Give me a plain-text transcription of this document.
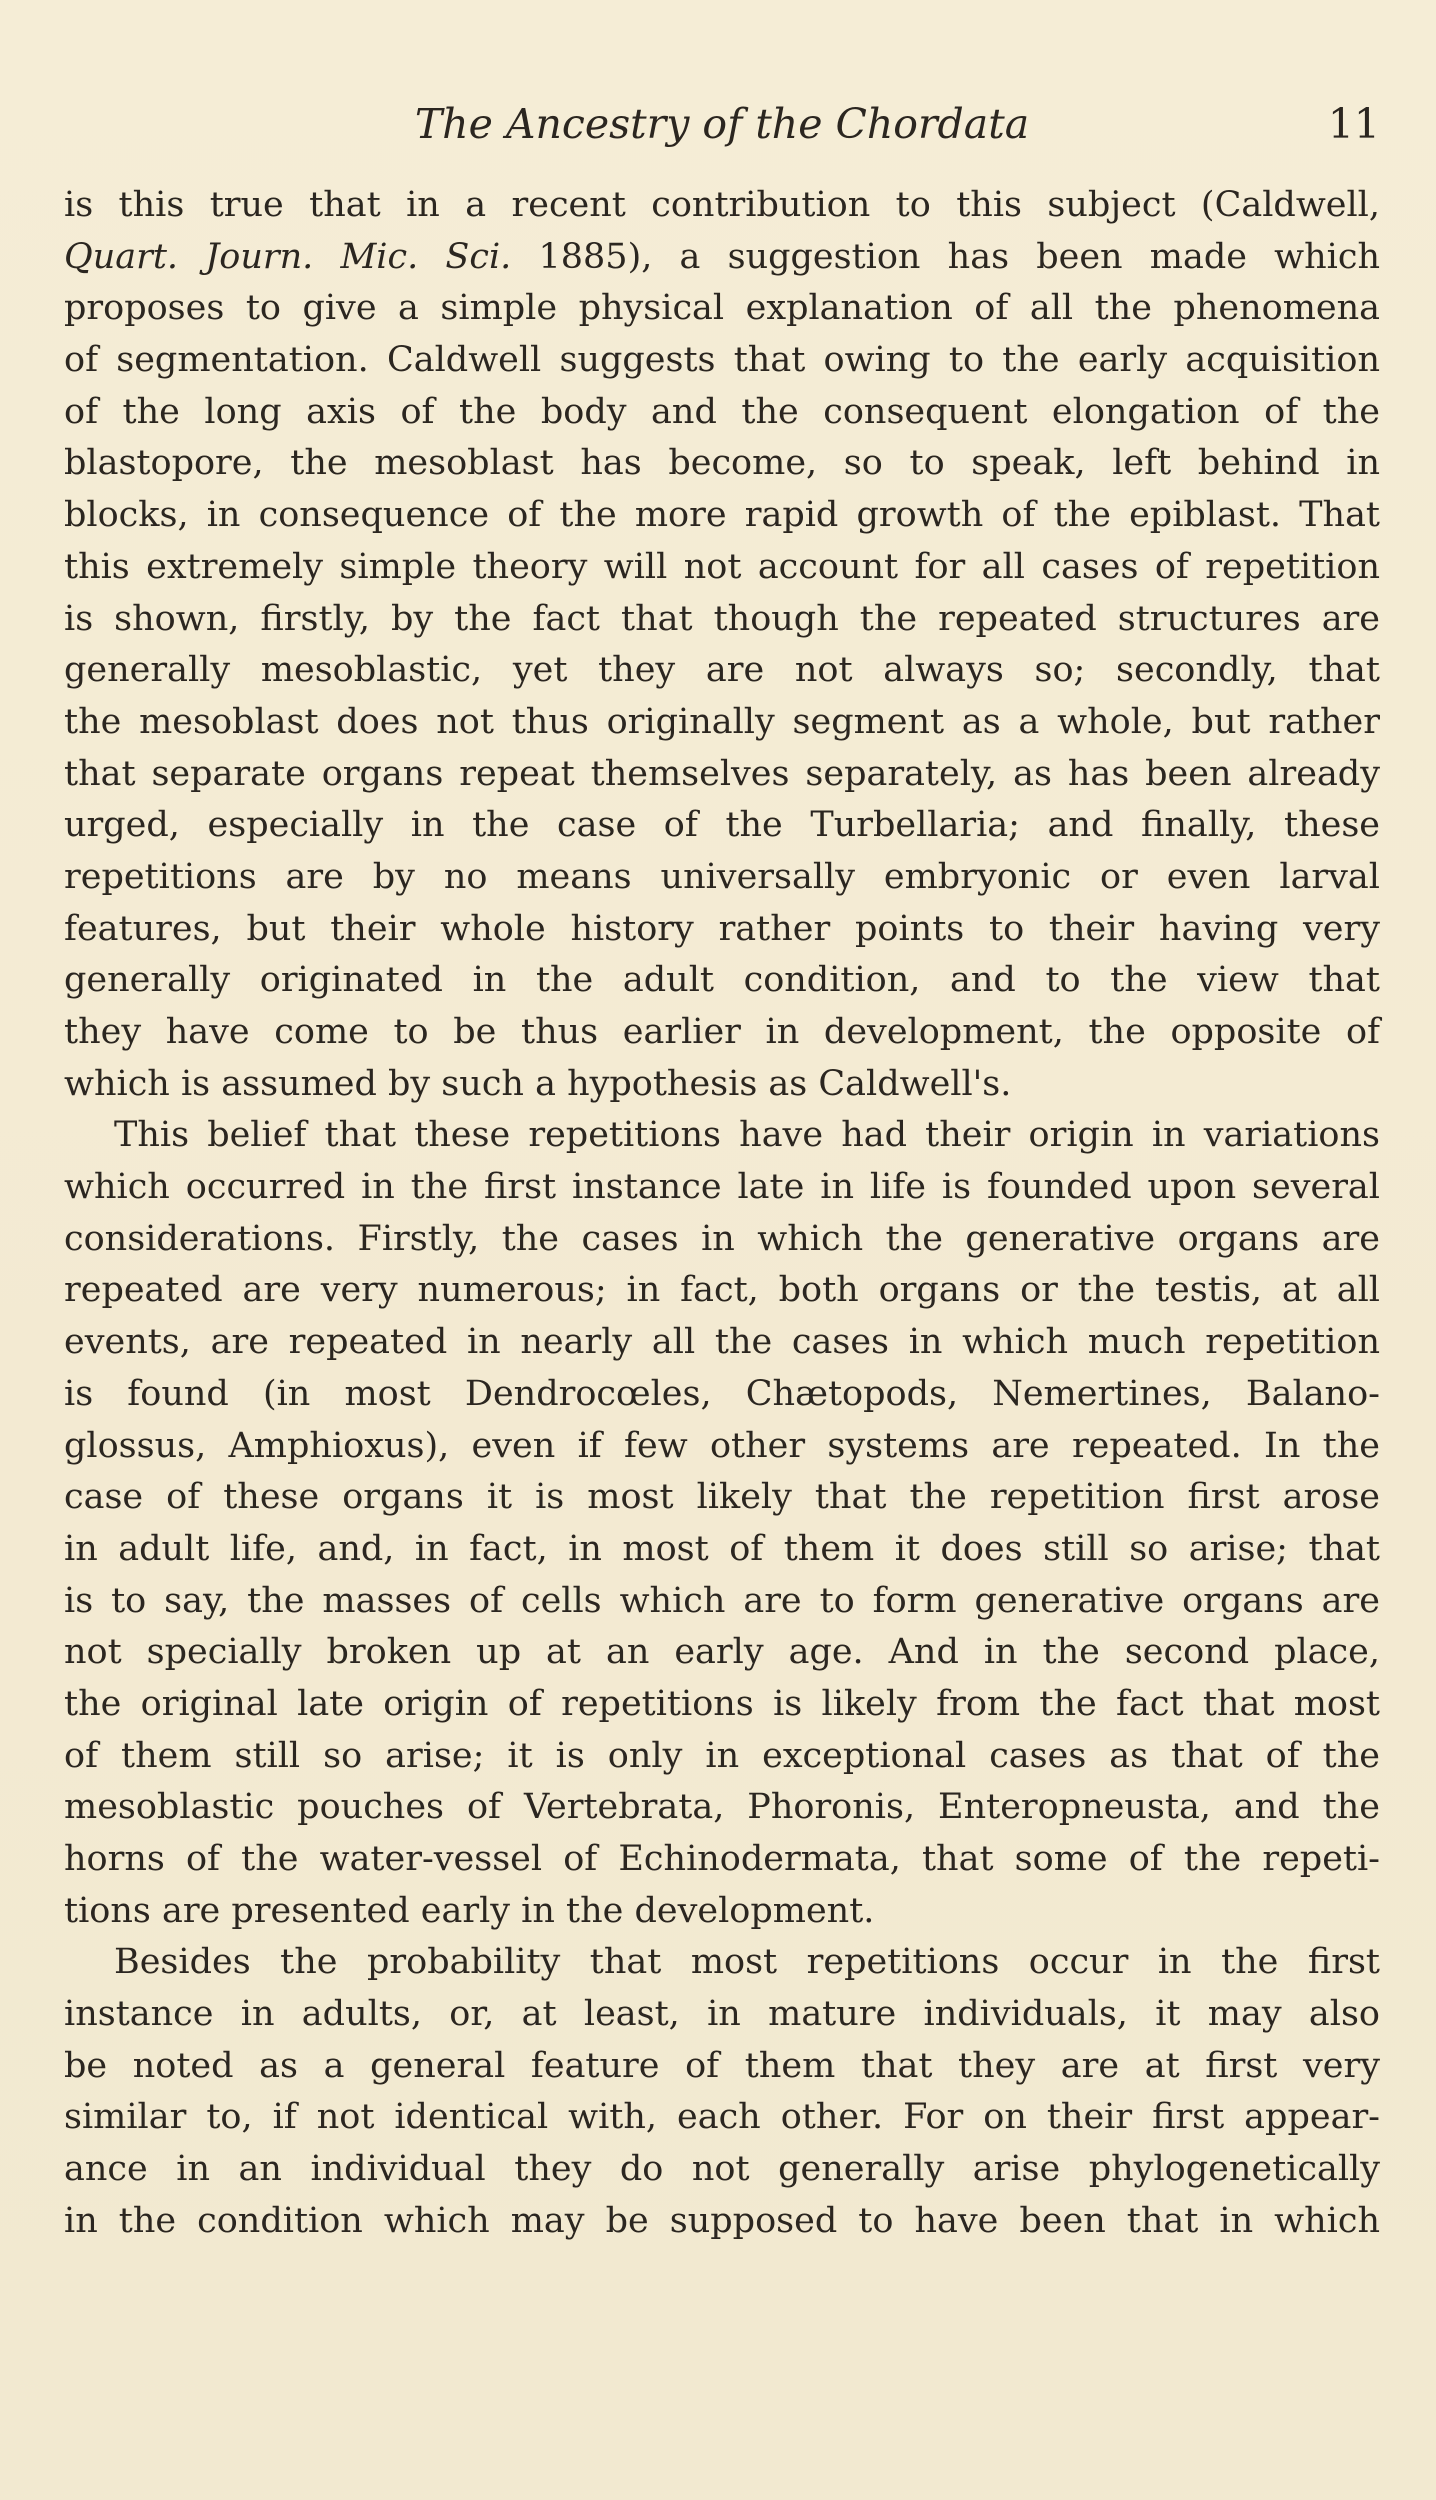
The Ancestry of the Chordata	11
is this true that in a recent contribution to this subject (Caldwell,
Quart. Journ. Mic. Sci. 1885), a suggestion has been made which
proposes to give a simple physical explanation of all the phenomena
of segmentation. Caldwell suggests that owing to the early acquisition
of the long axis of the body and the consequent elongation of the
blastopore, the mesoblast has become, so to speak, left behind in
blocks, in consequence of the more rapid growth of the epiblast. That
this extremely simple theory will not account for all cases of repetition
is shown, firstly, by the fact that though the repeated structures are
generally mesoblastic, yet they are not always so; secondly, that
the mesoblast does not thus originally segment as a whole, but rather
that separate organs repeat themselves separately, as has been already
urged, especially in the case of the Turbellaria; and finally, these
repetitions are by no means universally embryonic or even larval
features, but their whole history rather points to their having very
generally originated in the adult condition, and to the view that
they have come to be thus earlier in development, the opposite of
which is assumed by such a hypothesis as Caldwell's.
This belief that these repetitions have had their origin in variations
which occurred in the first instance late in life is founded upon several
considerations. Firstly, the cases in which the generative organs are
repeated are very numerous; in fact, both organs or the testis, at all
events, are repeated in nearly all the cases in which much repetition
is found (in most Dendrocœles, Chætopods, Nemertines, Balano-
glossus, Amphioxus), even if few other systems are repeated. In the
case of these organs it is most likely that the repetition first arose
in adult life, and, in fact, in most of them it does still so arise; that
is to say, the masses of cells which are to form generative organs are
not specially broken up at an early age. And in the second place,
the original late origin of repetitions is likely from the fact that most
of them still so arise; it is only in exceptional cases as that of the
mesoblastic pouches of Vertebrata, Phoronis, Enteropneusta, and the
horns of the water-vessel of Echinodermata, that some of the repeti-
tions are presented early in the development.
Besides the probability that most repetitions occur in the first
instance in adults, or, at least, in mature individuals, it may also
be noted as a general feature of them that they are at first very
similar to, if not identical with, each other. For on their first appear-
ance in an individual they do not generally arise phylogenetically
in the condition which may be supposed to have been that in which
